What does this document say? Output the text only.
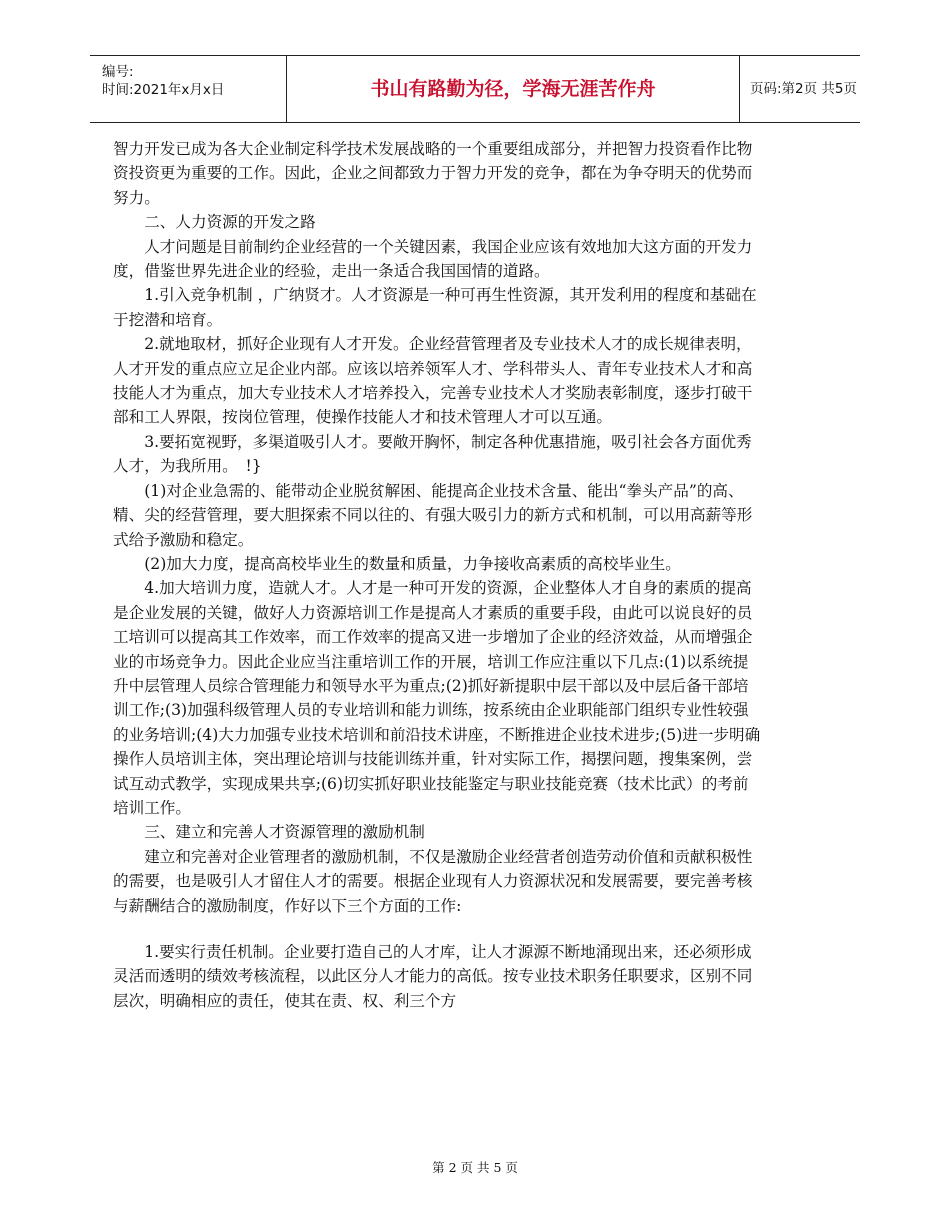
编号:
时间:2021年x月x日	书山有路勤为径，学海无涯苦作舟	页码:第2页 共5页

智力开发已成为各大企业制定科学技术发展战略的一个重要组成部分，并把智力投资看作比物资投资更为重要的工作。因此，企业之间都致力于智力开发的竞争，都在为争夺明天的优势而努力。

二、人力资源的开发之路

人才问题是目前制约企业经营的一个关键因素，我国企业应该有效地加大这方面的开发力度，借鉴世界先进企业的经验，走出一条适合我国国情的道路。

1.引入竞争机制 ，广纳贤才。人才资源是一种可再生性资源，其开发利用的程度和基础在于挖潜和培育。

2.就地取材，抓好企业现有人才开发。企业经营管理者及专业技术人才的成长规律表明，人才开发的重点应立足企业内部。应该以培养领军人才、学科带头人、青年专业技术人才和高技能人才为重点，加大专业技术人才培养投入，完善专业技术人才奖励表彰制度，逐步打破干部和工人界限，按岗位管理，使操作技能人才和技术管理人才可以互通。

3.要拓宽视野，多渠道吸引人才。要敞开胸怀，制定各种优惠措施，吸引社会各方面优秀人才，为我所用。　!}

(1)对企业急需的、能带动企业脱贫解困、能提高企业技术含量、能出“拳头产品”的高、精、尖的经营管理，要大胆探索不同以往的、有强大吸引力的新方式和机制，可以用高薪等形式给予激励和稳定。

(2)加大力度，提高高校毕业生的数量和质量，力争接收高素质的高校毕业生。

4.加大培训力度，造就人才。人才是一种可开发的资源，企业整体人才自身的素质的提高是企业发展的关键，做好人力资源培训工作是提高人才素质的重要手段，由此可以说良好的员工培训可以提高其工作效率，而工作效率的提高又进一步增加了企业的经济效益，从而增强企业的市场竞争力。因此企业应当注重培训工作的开展，培训工作应注重以下几点:(1)以系统提升中层管理人员综合管理能力和领导水平为重点;(2)抓好新提职中层干部以及中层后备干部培训工作;(3)加强科级管理人员的专业培训和能力训练，按系统由企业职能部门组织专业性较强的业务培训;(4)大力加强专业技术培训和前沿技术讲座，不断推进企业技术进步;(5)进一步明确操作人员培训主体，突出理论培训与技能训练并重，针对实际工作，揭摆问题，搜集案例，尝试互动式教学，实现成果共享;(6)切实抓好职业技能鉴定与职业技能竞赛（技术比武）的考前培训工作。

三、建立和完善人才资源管理的激励机制

建立和完善对企业管理者的激励机制，不仅是激励企业经营者创造劳动价值和贡献积极性的需要，也是吸引人才留住人才的需要。根据企业现有人力资源状况和发展需要，要完善考核与薪酬结合的激励制度，作好以下三个方面的工作:

1.要实行责任机制。企业要打造自己的人才库，让人才源源不断地涌现出来，还必须形成灵活而透明的绩效考核流程，以此区分人才能力的高低。按专业技术职务任职要求，区别不同层次，明确相应的责任，使其在责、权、利三个方

第 2 页 共 5 页
